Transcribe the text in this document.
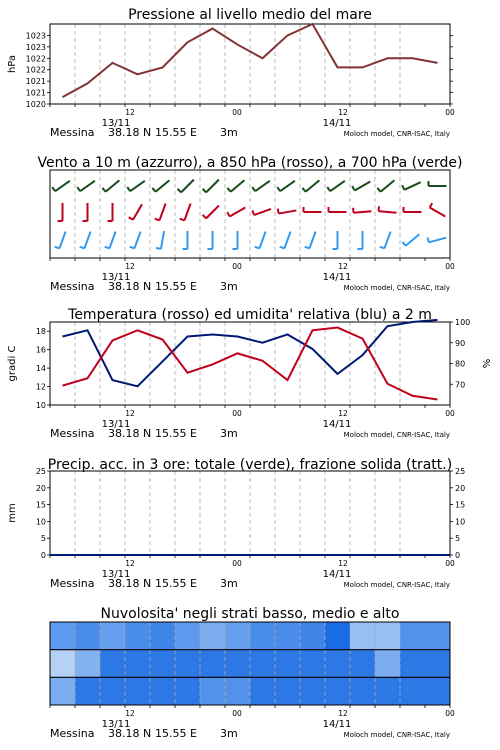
Pressione al livello medio del mare
1020
1021
1021
1022
1022
1023
1023
hPa
12	00	12	00
13/11	14/11
Messina 38.18 N 15.55 E 3m	Moloch model, CNR-ISAC, Italy
Vento a 10 m (azzurro), a 850 hPa (rosso), a 700 hPa (verde)
12	00	12	00
13/11	14/11
Messina 38.18 N 15.55 E 3m	Moloch model, CNR-ISAC, Italy
Temperatura (rosso) ed umidita' relativa (blu) a 2 m
10
12
14
16
18
70
80
90
100
gradi C	%
12	00	12	00
13/11	14/11
Messina 38.18 N 15.55 E 3m	Moloch model, CNR-ISAC, Italy
Precip. acc. in 3 ore: totale (verde), frazione solida (tratt.)
0	0
5	5
10	10
15	15
20	20
25	25
mm
12	00	12	00
13/11	14/11
Messina 38.18 N 15.55 E 3m	Moloch model, CNR-ISAC, Italy
Nuvolosita' negli strati basso, medio e alto
12	00	12	00
13/11	14/11
Messina 38.18 N 15.55 E 3m	Moloch model, CNR-ISAC, Italy
